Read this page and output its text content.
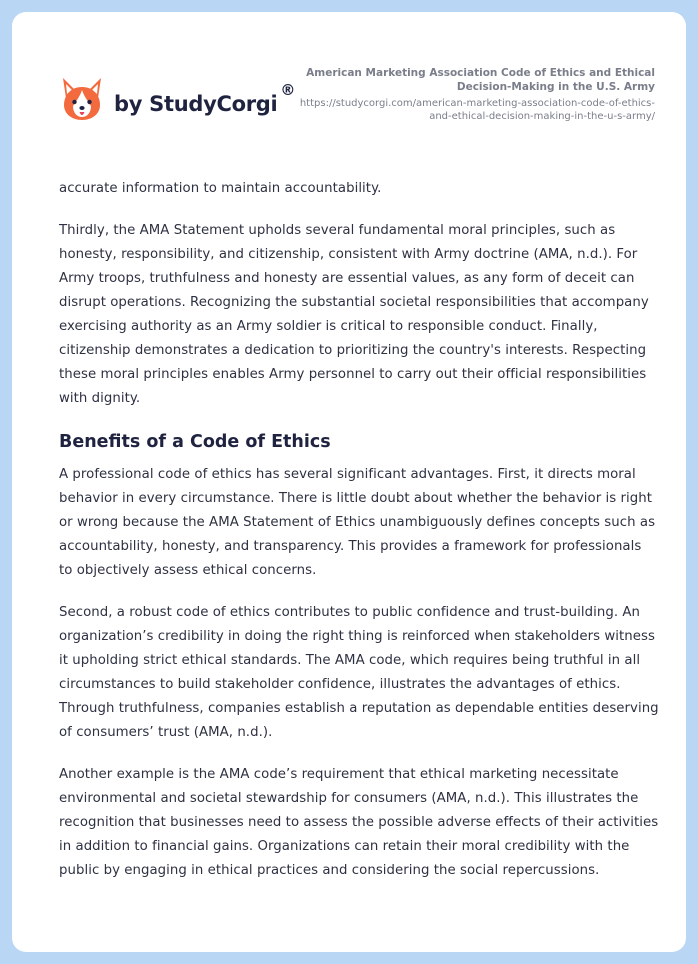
by StudyCorgi®
American Marketing Association Code of Ethics and Ethical Decision-Making in the U.S. Army
https://studycorgi.com/american-marketing-association-code-of-ethics-and-ethical-decision-making-in-the-u-s-army/

accurate information to maintain accountability.

Thirdly, the AMA Statement upholds several fundamental moral principles, such as honesty, responsibility, and citizenship, consistent with Army doctrine (AMA, n.d.). For Army troops, truthfulness and honesty are essential values, as any form of deceit can disrupt operations. Recognizing the substantial societal responsibilities that accompany exercising authority as an Army soldier is critical to responsible conduct. Finally, citizenship demonstrates a dedication to prioritizing the country's interests. Respecting these moral principles enables Army personnel to carry out their official responsibilities with dignity.

Benefits of a Code of Ethics

A professional code of ethics has several significant advantages. First, it directs moral behavior in every circumstance. There is little doubt about whether the behavior is right or wrong because the AMA Statement of Ethics unambiguously defines concepts such as accountability, honesty, and transparency. This provides a framework for professionals to objectively assess ethical concerns.

Second, a robust code of ethics contributes to public confidence and trust-building. An organization’s credibility in doing the right thing is reinforced when stakeholders witness it upholding strict ethical standards. The AMA code, which requires being truthful in all circumstances to build stakeholder confidence, illustrates the advantages of ethics. Through truthfulness, companies establish a reputation as dependable entities deserving of consumers’ trust (AMA, n.d.).

Another example is the AMA code’s requirement that ethical marketing necessitate environmental and societal stewardship for consumers (AMA, n.d.). This illustrates the recognition that businesses need to assess the possible adverse effects of their activities in addition to financial gains. Organizations can retain their moral credibility with the public by engaging in ethical practices and considering the social repercussions.
